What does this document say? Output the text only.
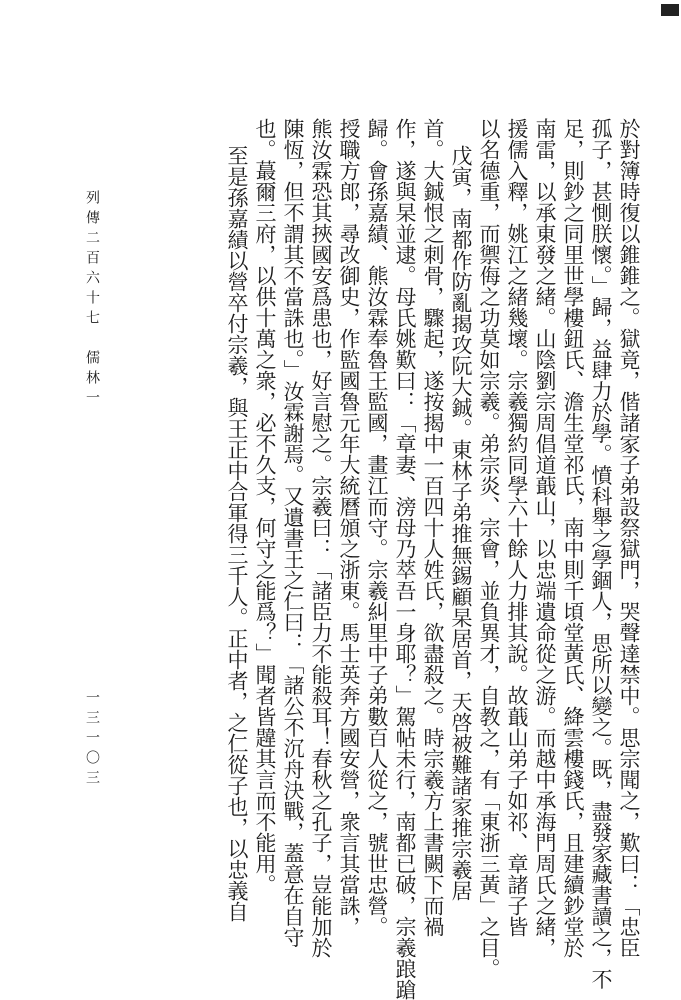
於對簿時復以錐錐之。獄竟，偕諸家子弟設祭獄門，哭聲達禁中。思宗聞之，歎曰：「忠臣
孤子，甚惻朕懷。」歸，益肆力於學。憤科舉之學錮人，思所以變之。既，盡發家藏書讀之，不
足，則鈔之同里世學樓鈕氏、澹生堂祁氏，南中則千頃堂黃氏、絳雲樓錢氏，且建續鈔堂於
南雷，以承東發之緒。山陰劉宗周倡道蕺山，以忠端遺命從之游。而越中承海門周氏之緒，
援儒入釋，姚江之緒幾壞。宗羲獨約同學六十餘人力排其說。故蕺山弟子如祁、章諸子皆
以名德重，而禦侮之功莫如宗羲。弟宗炎、宗會，並負異才，自教之，有「東浙三黃」之目。
戊寅，南都作防亂揭攻阮大鋮。東林子弟推無錫顧杲居首，天啓被難諸家推宗羲居
首。大鋮恨之刺骨，驟起，遂按揭中一百四十人姓氏，欲盡殺之。時宗羲方上書闕下而禍
作，遂與杲並逮。母氏姚歎曰：「章妻、滂母乃萃吾一身耶？」駕帖未行，南都已破，宗羲踉蹌
歸。會孫嘉績、熊汝霖奉魯王監國，畫江而守。宗羲糾里中子弟數百人從之，號世忠營。
授職方郎，尋改御史，作監國魯元年大統曆頒之浙東。馬士英奔方國安營，衆言其當誅，
熊汝霖恐其挾國安爲患也，好言慰之。宗羲曰：「諸臣力不能殺耳！春秋之孔子，豈能加於
陳恆，但不謂其不當誅也。」汝霖謝焉。又遺書王之仁曰：「諸公不沉舟決戰，蓋意在自守
也。蕞爾三府，以供十萬之衆，必不久支，何守之能爲？」聞者皆韙其言而不能用。
至是孫嘉績以營卒付宗羲，與王正中合軍得三千人。正中者，之仁從子也，以忠義自
列傳二百六十七　儒林一
一三一〇三
